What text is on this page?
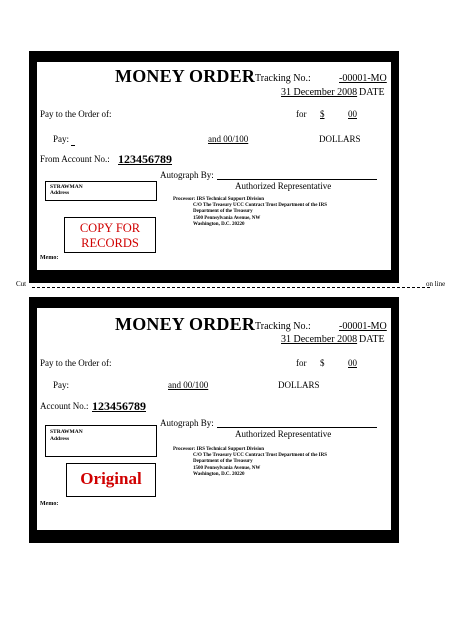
MONEY ORDER Tracking No.:	-00001-MO
31 December 2008 DATE
Pay to the Order of:	for $	00
Pay:	and 00/100	DOLLARS
From Account No.: 123456789
Autograph By:
Authorized Representative
STRAWMAN
Address
Processor: IRS Technical Support Division
C/O The Treasury UCC Contract Trust Department of the IRS
Department of the Treasury
1500 Pennsylvania Avenue, NW
Washington, D.C. 20220
COPY FOR
RECORDS
Memo:
Cut	on line
MONEY ORDER Tracking No.:	-00001-MO
31 December 2008 DATE
Pay to the Order of:	for $	00
Pay:	and 00/100	DOLLARS
Account No.: 123456789
Autograph By:
Authorized Representative
STRAWMAN
Address
Processor: IRS Technical Support Division
C/O The Treasury UCC Contract Trust Department of the IRS
Department of the Treasury
1500 Pennsylvania Avenue, NW
Washington, D.C. 20220
Original
Memo:
